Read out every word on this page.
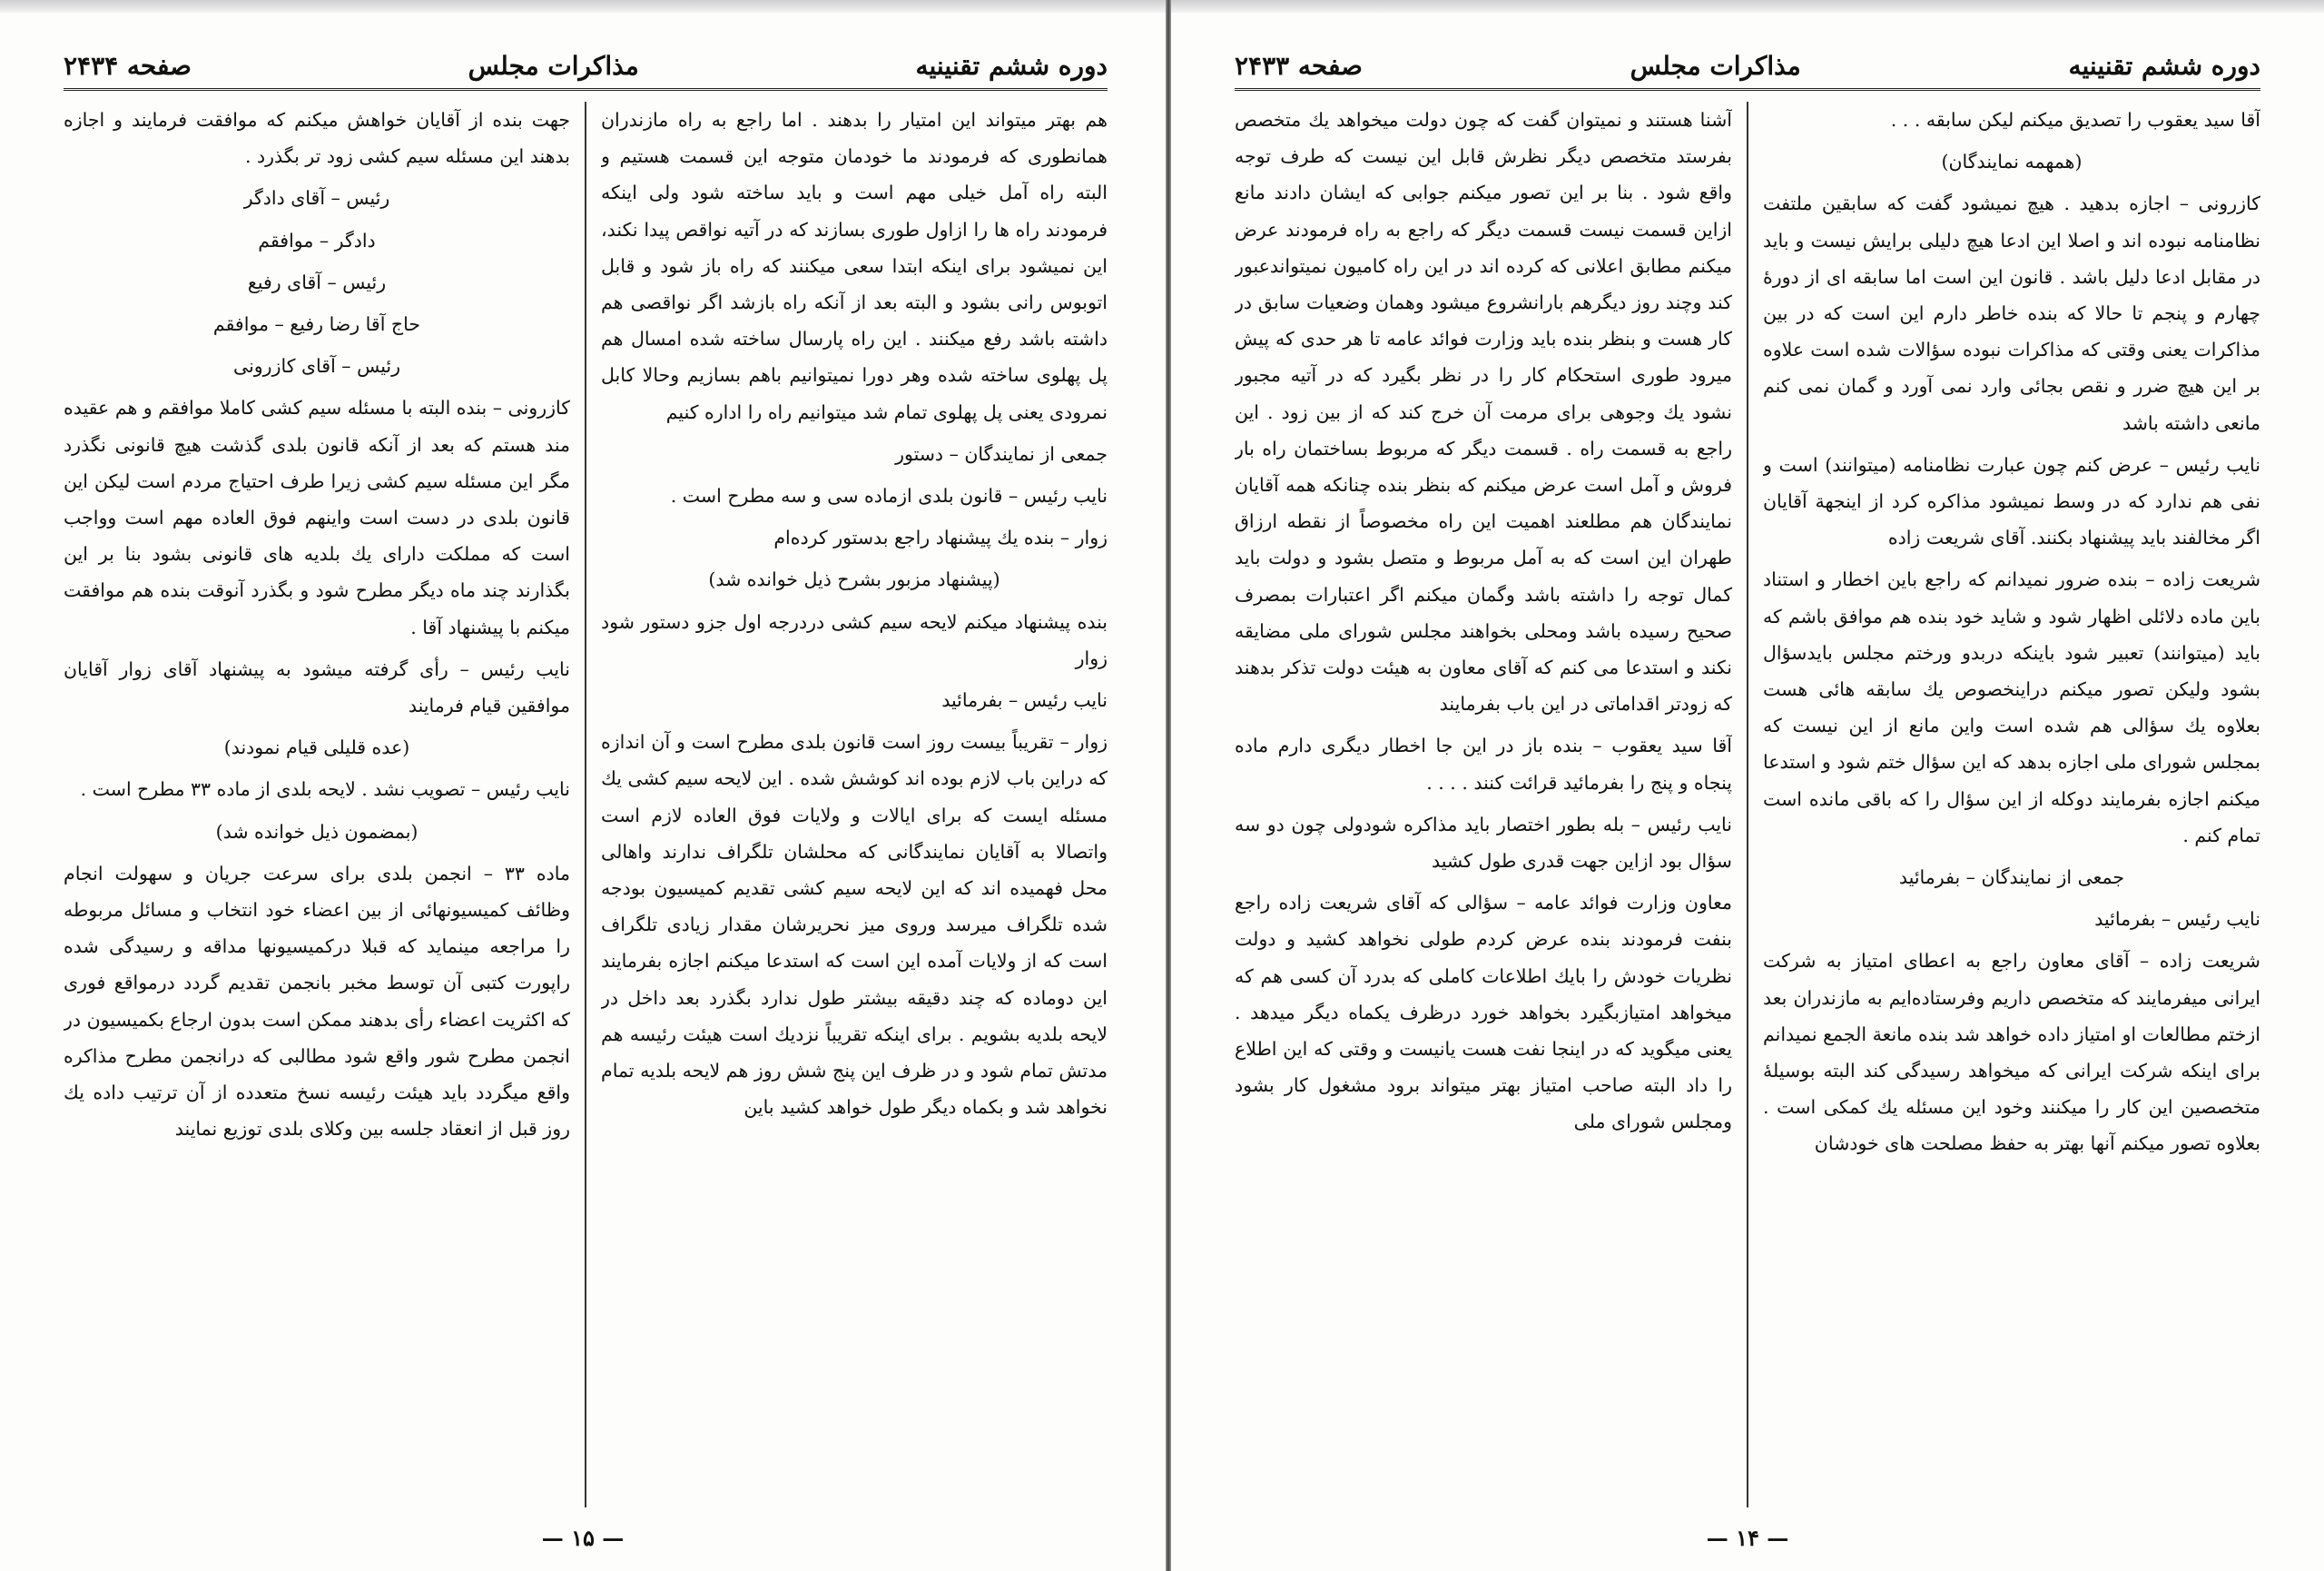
دوره ششم تقنینیه
مذاکرات مجلس
صفحه ۲۴۳۴

هم بهتر میتواند این امتیار را بدهند . اما راجع به راه مازندران همانطوری که فرمودند ما خودمان متوجه این قسمت هستیم و البته راه آمل خیلی مهم است و باید ساخته شود ولی اینکه فرمودند راه ها را ازاول طوری بسازند که در آتیه نواقص پیدا نکند، این نمیشود برای اینکه ابتدا سعی میکنند که راه باز شود و قابل اتوبوس رانی بشود و البته بعد از آنکه راه بازشد اگر نواقصی هم داشته باشد رفع میکنند . این راه پارسال ساخته شده امسال هم پل پهلوی ساخته شده وهر دورا نمیتوانیم باهم بسازیم وحالا کابل نمرودی یعنی پل پهلوی تمام شد میتوانیم راه را اداره کنیم

جمعی از نمایندگان – دستور

نایب رئیس – قانون بلدی ازماده سی و سه مطرح است .

زوار – بنده یك پیشنهاد راجع بدستور کرده‌ام

(پیشنهاد مزبور بشرح ذیل خوانده شد)

بنده پیشنهاد میکنم لایحه سیم کشی دردرجه اول جزو دستور شود زوار

نایب رئیس – بفرمائید

زوار – تقریباً بیست روز است قانون بلدی مطرح است و آن اندازه که دراین باب لازم بوده اند کوشش شده . این لایحه سیم کشی یك مسئله ایست که برای ایالات و ولایات فوق العاده لازم است واتصالا به آقایان نمایندگانی که محلشان تلگراف ندارند واهالی محل فهمیده اند که این لایحه سیم کشی تقدیم کمیسیون بودجه شده تلگراف میرسد وروی میز نحریرشان مقدار زیادی تلگراف است که از ولایات آمده این است که استدعا میکنم اجازه بفرمایند این دوماده که چند دقیقه بیشتر طول ندارد بگذرد بعد داخل در لایحه بلدیه بشویم . برای اینکه تقریباً نزدیك است هیئت رئیسه هم مدتش تمام شود و در ظرف این پنج شش روز هم لایحه بلدیه تمام نخواهد شد و بکماه دیگر طول خواهد کشید باین

جهت بنده از آقایان خواهش میکنم که موافقت فرمایند و اجازه بدهند این مسئله سیم کشی زود تر بگذرد .

رئیس – آقای دادگر

دادگر – موافقم

رئیس – آقای رفیع

حاج آقا رضا رفیع – موافقم

رئیس – آقای کازرونی

کازرونی – بنده البته با مسئله سیم کشی کاملا موافقم و هم عقیده مند هستم که بعد از آنکه قانون بلدی گذشت هیچ قانونی نگذرد مگر این مسئله سیم کشی زیرا طرف احتیاج مردم است لیکن این قانون بلدی در دست است واینهم فوق العاده مهم است وواجب است که مملکت دارای یك بلدیه های قانونی بشود بنا بر این بگذارند چند ماه دیگر مطرح شود و بگذرد آنوقت بنده هم موافقت میکنم با پیشنهاد آقا .

نایب رئیس – رأی گرفته میشود به پیشنهاد آقای زوار آقایان موافقین قیام فرمایند

(عده قلیلی قیام نمودند)

نایب رئیس – تصویب نشد . لایحه بلدی از ماده ۳۳ مطرح است .

(بمضمون ذیل خوانده شد)

ماده ۳۳ – انجمن بلدی برای سرعت جریان و سهولت انجام وظائف کمیسیونهائی از بین اعضاء خود انتخاب و مسائل مربوطه را مراجعه مینماید که قبلا درکمیسیونها مداقه و رسیدگی شده راپورت کتبی آن توسط مخبر بانجمن تقدیم گردد درمواقع فوری که اکثریت اعضاء رأی بدهند ممکن است بدون ارجاع بکمیسیون در انجمن مطرح شور واقع شود مطالبی که درانجمن مطرح مذاکره واقع میگردد باید هیئت رئیسه نسخ متعدده از آن ترتیب داده یك روز قبل از انعقاد جلسه بین وکلای بلدی توزیع نمایند

— ۱۵ —
دوره ششم تقنینیه
مذاکرات مجلس
صفحه ۲۴۳۳

آقا سید یعقوب را تصدیق میکنم لیکن سابقه . . .

(همهمه نمایندگان)

کازرونی – اجازه بدهید . هیچ نمیشود گفت که سابقین ملتفت نظامنامه نبوده اند و اصلا این ادعا هیچ دلیلی برایش نیست و باید در مقابل ادعا دلیل باشد . قانون این است اما سابقه ای از دورهٔ چهارم و پنجم تا حالا که بنده خاطر دارم این است که در بین مذاکرات یعنی وقتی که مذاکرات نبوده سؤالات شده است علاوه بر این هیچ ضرر و نقص بجائی وارد نمی آورد و گمان نمی کنم مانعی داشته باشد

نایب رئیس – عرض کنم چون عبارت نظامنامه (میتوانند) است و نفی هم ندارد که در وسط نمیشود مذاکره کرد از اینجهة آقایان اگر مخالفند باید پیشنهاد بکنند. آقای شریعت زاده

شریعت زاده – بنده ضرور نمیدانم که راجع باین اخطار و استناد باین ماده دلائلی اظهار شود و شاید خود بنده هم موافق باشم که باید (میتوانند) تعبیر شود باینکه دربدو ورختم مجلس بایدسؤال بشود ولیکن تصور میکنم دراینخصوص یك سابقه هائی هست بعلاوه یك سؤالی هم شده است واین مانع از این نیست که بمجلس شورای ملی اجازه بدهد که این سؤال ختم شود و استدعا میکنم اجازه بفرمایند دوکله از این سؤال را که باقی مانده است تمام کنم .

جمعی از نمایندگان – بفرمائید

نایب رئیس – بفرمائید

شریعت زاده – آقای معاون راجع به اعطای امتیاز به شرکت ایرانی میفرمایند که متخصص داریم وفرستاده‌ایم به مازندران بعد ازختم مطالعات او امتیاز داده خواهد شد بنده مانعة الجمع نمیدانم برای اینکه شرکت ایرانی که میخواهد رسیدگی کند البته بوسیلهٔ متخصصین این کار را میکنند وخود این مسئله یك کمکی است . بعلاوه تصور میکنم آنها بهتر به حفظ مصلحت های خودشان

آشنا هستند و نمیتوان گفت که چون دولت میخواهد يك متخصص بفرستد متخصص دیگر نظرش قابل این نیست که طرف توجه واقع شود . بنا بر این تصور میکنم جوابی که ایشان دادند مانع ازاین قسمت نیست قسمت دیگر که راجع به راه فرمودند عرض میکنم مطابق اعلانی که کرده اند در این راه کامیون نمیتواندعبور کند وچند روز دیگرهم بارانشروع میشود وهمان وضعیات سابق در کار هست و بنظر بنده باید وزارت فوائد عامه تا هر حدی که پیش میرود طوری استحکام کار را در نظر بگیرد که در آتیه مجبور نشود يك وجوهی برای مرمت آن خرج کند که از بین زود . این راجع به قسمت راه . قسمت دیگر که مربوط بساختمان راه بار فروش و آمل است عرض میکنم که بنظر بنده چنانکه همه آقایان نمایندگان هم مطلعند اهمیت این راه مخصوصاً از نقطه ارزاق طهران این است که به آمل مربوط و متصل بشود و دولت باید کمال توجه را داشته باشد وگمان میکنم اگر اعتبارات بمصرف صحیح رسیده باشد ومحلی بخواهند مجلس شورای ملی مضایقه نکند و استدعا می کنم که آقای معاون به هیئت دولت تذکر بدهند که زودتر اقداماتی در این باب بفرمایند

آقا سید یعقوب – بنده باز در این جا اخطار دیگری دارم ماده پنجاه و پنج را بفرمائید قرائت کنند . . . .

نایب رئیس – بله بطور اختصار باید مذاکره شودولی چون دو سه سؤال بود ازاین جهت قدری طول کشید

معاون وزارت فوائد عامه – سؤالی که آقای شریعت زاده راجع بنفت فرمودند بنده عرض کردم طولی نخواهد کشید و دولت نظریات خودش را بایك اطلاعات کاملی که بدرد آن کسی هم که میخواهد امتیازبگیرد بخواهد خورد درظرف یکماه دیگر میدهد . یعنی میگوید که در اینجا نفت هست یانیست و وقتی که این اطلاع را داد البته صاحب امتیاز بهتر میتواند برود مشغول کار بشود ومجلس شورای ملی

— ۱۴ —
